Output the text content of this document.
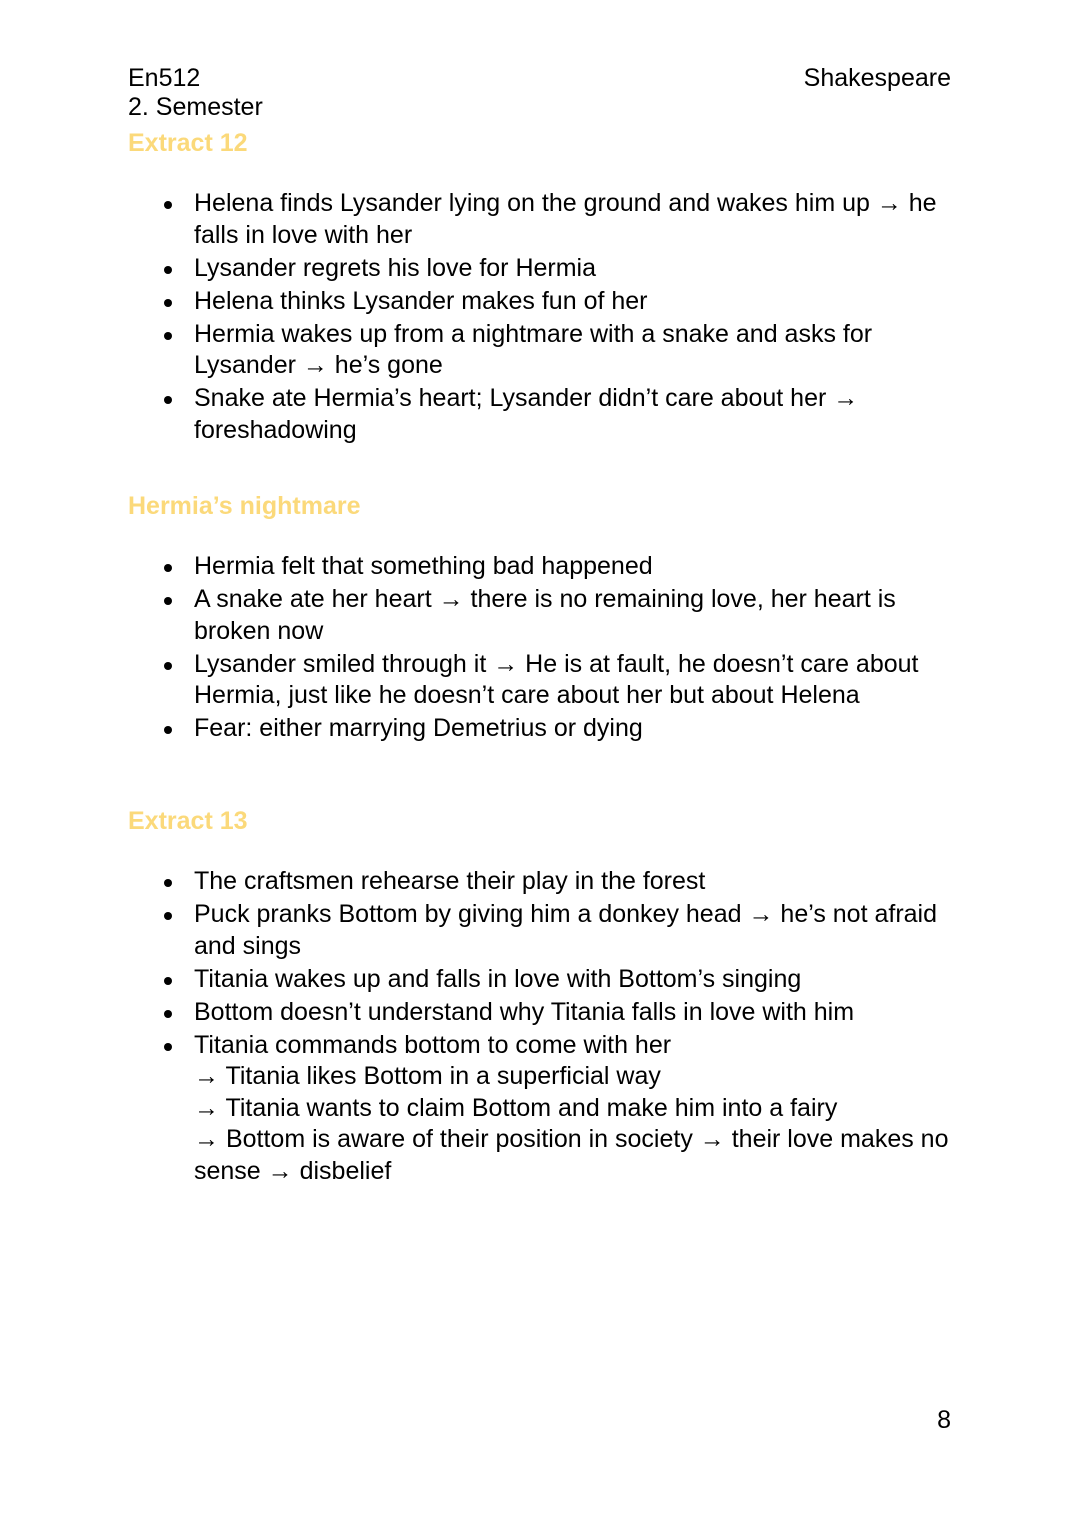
En512
2. Semester
Shakespeare
Extract 12
Helena finds Lysander lying on the ground and wakes him up → he falls in love with her
Lysander regrets his love for Hermia
Helena thinks Lysander makes fun of her
Hermia wakes up from a nightmare with a snake and asks for Lysander → he’s gone
Snake ate Hermia’s heart; Lysander didn’t care about her → foreshadowing
Hermia’s nightmare
Hermia felt that something bad happened
A snake ate her heart → there is no remaining love, her heart is broken now
Lysander smiled through it → He is at fault, he doesn’t care about Hermia, just like he doesn’t care about her but about Helena
Fear: either marrying Demetrius or dying
Extract 13
The craftsmen rehearse their play in the forest
Puck pranks Bottom by giving him a donkey head → he’s not afraid and sings
Titania wakes up and falls in love with Bottom’s singing
Bottom doesn’t understand why Titania falls in love with him
Titania commands bottom to come with her
→ Titania likes Bottom in a superficial way
→ Titania wants to claim Bottom and make him into a fairy
→ Bottom is aware of their position in society → their love makes no sense → disbelief
8
